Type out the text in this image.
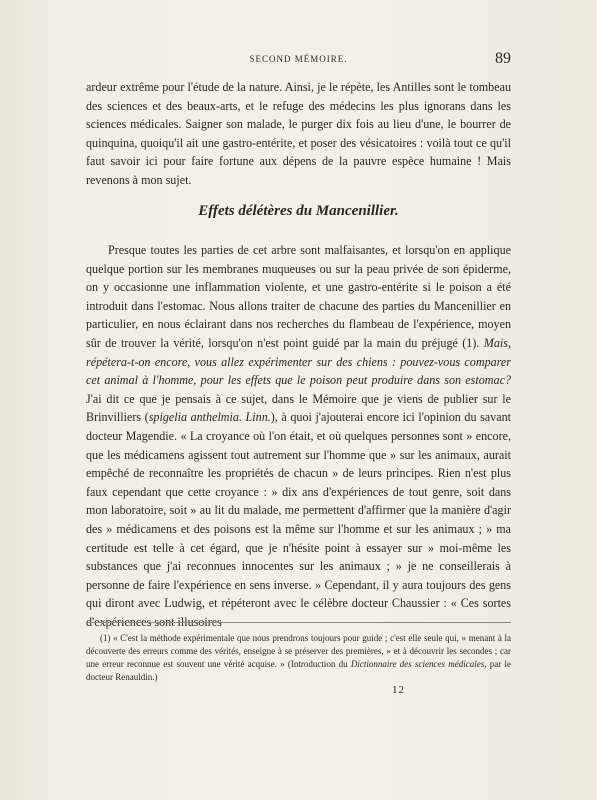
SECOND MÉMOIRE.	89

ardeur extrême pour l'étude de la nature. Ainsi, je le répète, les Antilles sont le tombeau des sciences et des beaux-arts, et le refuge des médecins les plus ignorans dans les sciences médicales. Saigner son malade, le purger dix fois au lieu d'une, le bourrer de quinquina, quoiqu'il ait une gastro-entérite, et poser des vésicatoires : voilà tout ce qu'il faut savoir ici pour faire fortune aux dépens de la pauvre espèce humaine ! Mais revenons à mon sujet.

Effets délétères du Mancenillier.

Presque toutes les parties de cet arbre sont malfaisantes, et lorsqu'on en applique quelque portion sur les membranes muqueuses ou sur la peau privée de son épiderme, on y occasionne une inflammation violente, et une gastro-entérite si le poison a été introduit dans l'estomac. Nous allons traiter de chacune des parties du Mancenillier en particulier, en nous éclairant dans nos recherches du flambeau de l'expérience, moyen sûr de trouver la vérité, lorsqu'on n'est point guidé par la main du préjugé (1). Mais, répétera-t-on encore, vous allez expérimenter sur des chiens : pouvez-vous comparer cet animal à l'homme, pour les effets que le poison peut produire dans son estomac? J'ai dit ce que je pensais à ce sujet, dans le Mémoire que je viens de publier sur le Brinvilliers (spigelia anthelmia. Linn.), à quoi j'ajouterai encore ici l'opinion du savant docteur Magendie. « La croyance où l'on était, et où quelques personnes sont » encore, que les médicamens agissent tout autrement sur l'homme que » sur les animaux, aurait empêché de reconnaître les propriétés de chacun » de leurs principes. Rien n'est plus faux cependant que cette croyance : » dix ans d'expériences de tout genre, soit dans mon laboratoire, soit » au lit du malade, me permettent d'affirmer que la manière d'agir des » médicamens et des poisons est la même sur l'homme et sur les animaux ; » ma certitude est telle à cet égard, que je n'hésite point à essayer sur » moi-même les substances que j'ai reconnues innocentes sur les animaux ; » je ne conseillerais à personne de faire l'expérience en sens inverse. » Cependant, il y aura toujours des gens qui diront avec Ludwig, et répéteront avec le célèbre docteur Chaussier : « Ces sortes d'expériences sont illusoires

(1) « C'est la méthode expérimentale que nous prendrons toujours pour guide ; c'est elle seule qui, » menant à la découverte des erreurs comme des vérités, enseigne à se préserver des premières, » et à découvrir les secondes ; car une erreur reconnue est souvent une vérité acquise. » (Introduction du Dictionnaire des sciences médicales, par le docteur Renauldin.)

12
